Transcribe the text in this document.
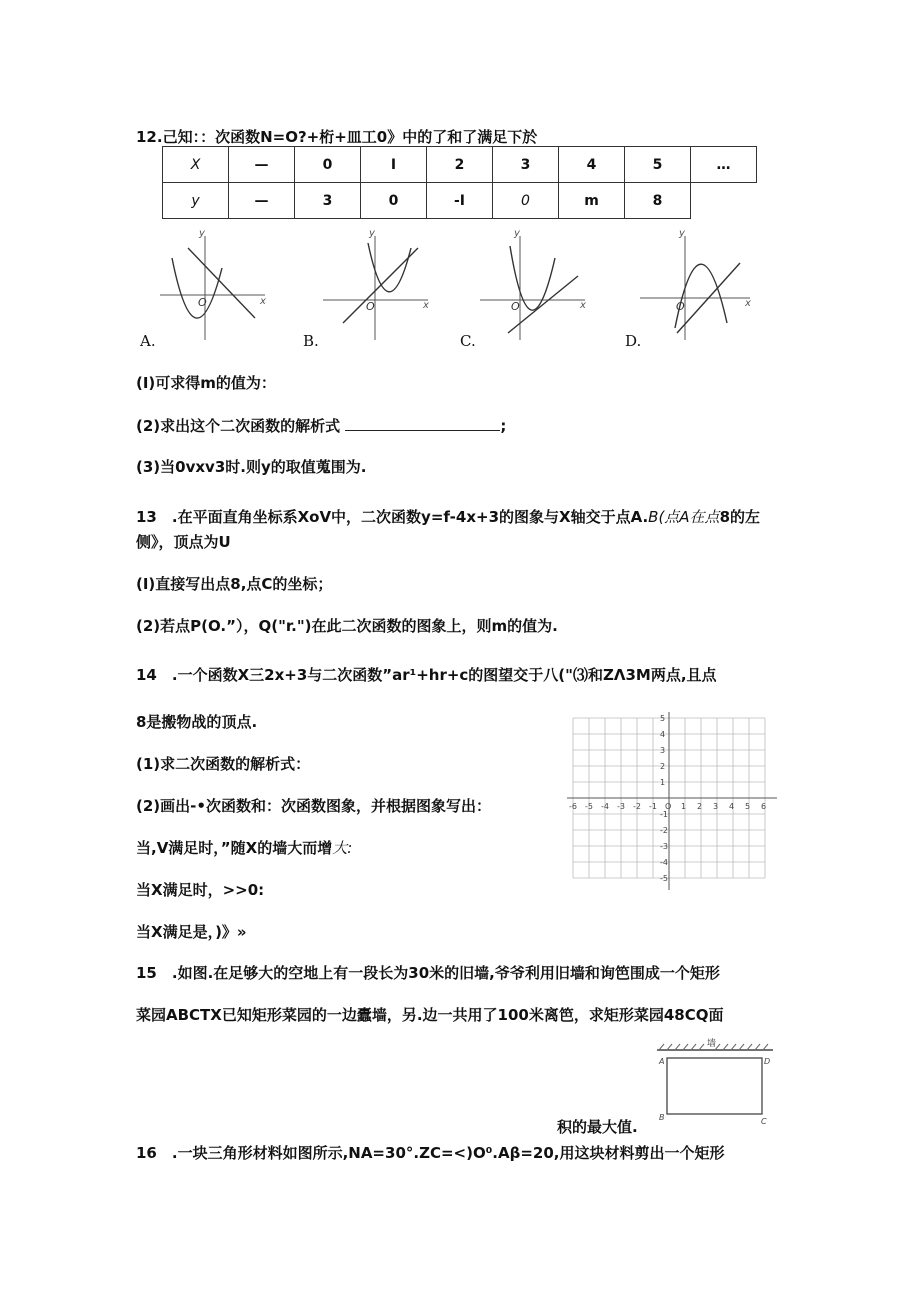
12.己知：：次函数N=O?+桁+皿工0》中的了和了满足下於
X	—	0	I	2	3	4	5	…
y	—	3	0	-I	0	m	8	
y
x
O
A.
y
x
O
B.
y
x
O
C.
y
x
O
D.
(I)可求得m的值为：
(2)求出这个二次函数的解析式	;
(3)当0vxv3时.则y的取值蒐围为.
13　.在平面直角坐标系XoV中，二次函数y=f-4x+3的图象与X轴交于点A.B(点A在点8的左
侧》，顶点为U
(I)直接写出点8,点C的坐标；
(2)若点P(O.”），Q("r.")在此二次函数的图象上，则m的值为.
14　.一个函数X三2x+3与二次函数”ar¹+hr+c的图望交于八("⑶和ZΛ3M两点,且点
8是搬物战的顶点.
(1)求二次函数的解析式：
(2)画出-•次函数和：次函数图象，并根据图象写出：
当,V满足时，”随X的墙大而增大:
当X满足时，>>0:
当X满足是，)》»
-6 -5 -4 -3 -2 -1 O 1 2 3 4 5 6
5
4
3
2
1
-1
-2
-3
-4
-5
15　.如图.在足够大的空地上有一段长为30米的旧墙,爷爷利用旧墙和询笆围成一个矩形
菜园ABCTX已知矩形菜园的一边蠹墙，另.边一共用了100米离笆，求矩形菜园48CQ面
墙
A	D
B	C
积的最大值.
16　.一块三角形材料如图所示,NA=30°.ZC=<)O⁰.Aβ=20,用这块材料剪出一个矩形
